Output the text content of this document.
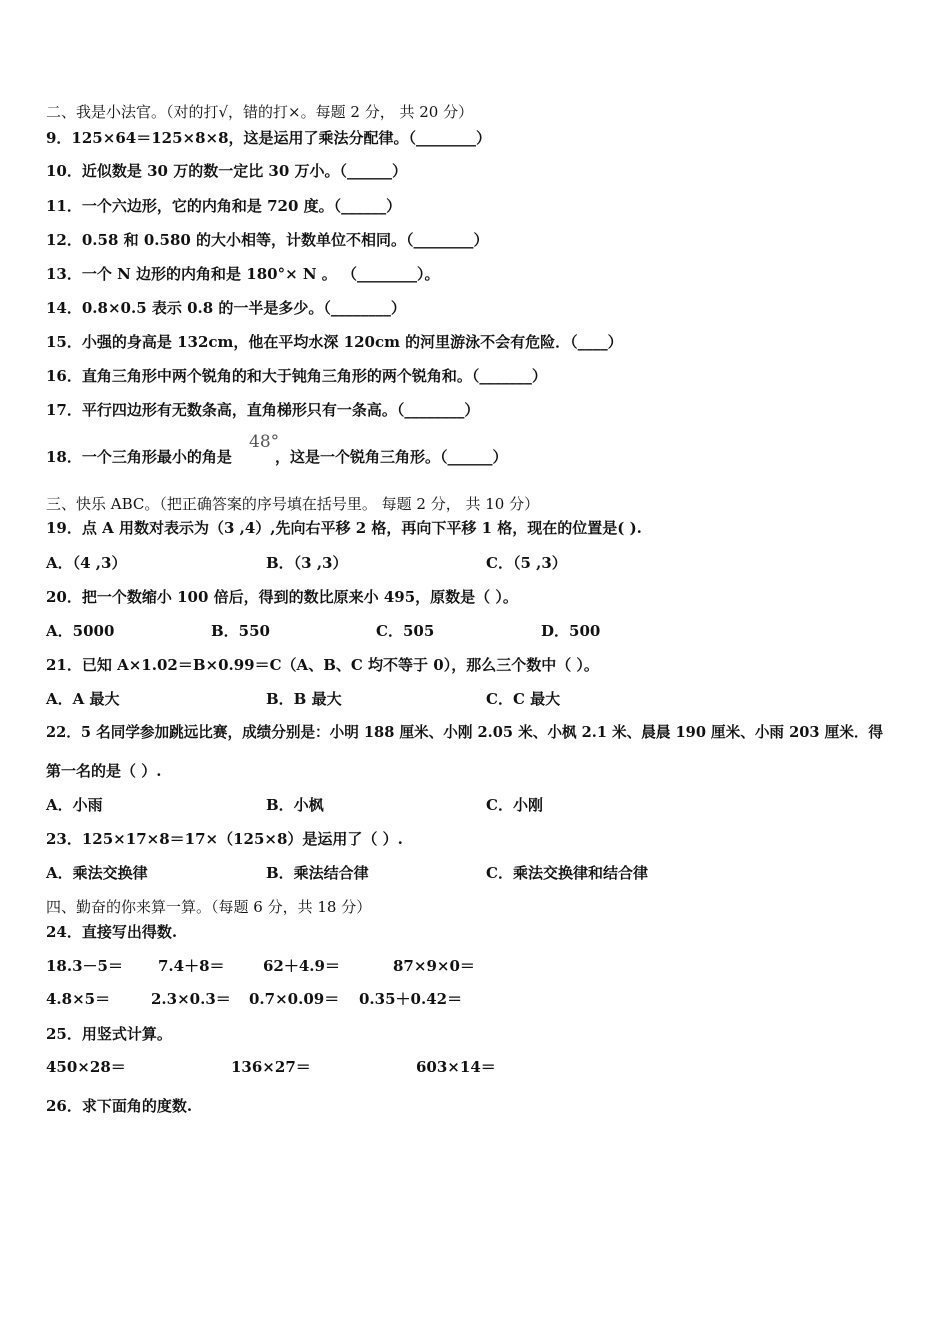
二、我是小法官。（对的打√，错的打×。每题 2 分， 共 20 分）
9．125×64＝125×8×8，这是运用了乘法分配律。（________）
10．近似数是 30 万的数一定比 30 万小。（______）
11．一个六边形，它的内角和是 720 度。（______）
12．0.58 和 0.580 的大小相等，计数单位不相同。（________）
13．一个 N 边形的内角和是 180°× N 。 （________）。
14．0.8×0.5 表示 0.8 的一半是多少。（________）
15．小强的身高是 132cm，他在平均水深 120cm 的河里游泳不会有危险．（____）
16．直角三角形中两个锐角的和大于钝角三角形的两个锐角和。（_______）
17．平行四边形有无数条高，直角梯形只有一条高。（________）
18．一个三角形最小的角是
48°
，这是一个锐角三角形。（______）
三、快乐 ABC。（把正确答案的序号填在括号里。 每题 2 分， 共 10 分）
19．点 A 用数对表示为（3 ,4）,先向右平移 2 格，再向下平移 1 格，现在的位置是( ).
A．（4 ,3）	B．（3 ,3）	C．（5 ,3）
20．把一个数缩小 100 倍后，得到的数比原来小 495，原数是（ ）。
A．5000	B．550	C．505	D．500
21．已知 A×1.02＝B×0.99＝C（A、B、C 均不等于 0），那么三个数中（ ）。
A．A 最大	B．B 最大	C．C 最大
22．5 名同学参加跳远比赛，成绩分别是：小明 188 厘米、小刚 2.05 米、小枫 2.1 米、晨晨 190 厘米、小雨 203 厘米．得
第一名的是（ ）.
A．小雨	B．小枫	C．小刚
23．125×17×8＝17×（125×8）是运用了（ ）.
A．乘法交换律	B．乘法结合律	C．乘法交换律和结合律
四、勤奋的你来算一算。（每题 6 分，共 18 分）
24．直接写出得数.
18.3－5＝ 7.4＋8＝	62＋4.9＝	87×9×0＝
4.8×5＝	2.3×0.3＝ 0.7×0.09＝ 0.35＋0.42＝
25．用竖式计算。
450×28＝	136×27＝	603×14＝
26．求下面角的度数.
